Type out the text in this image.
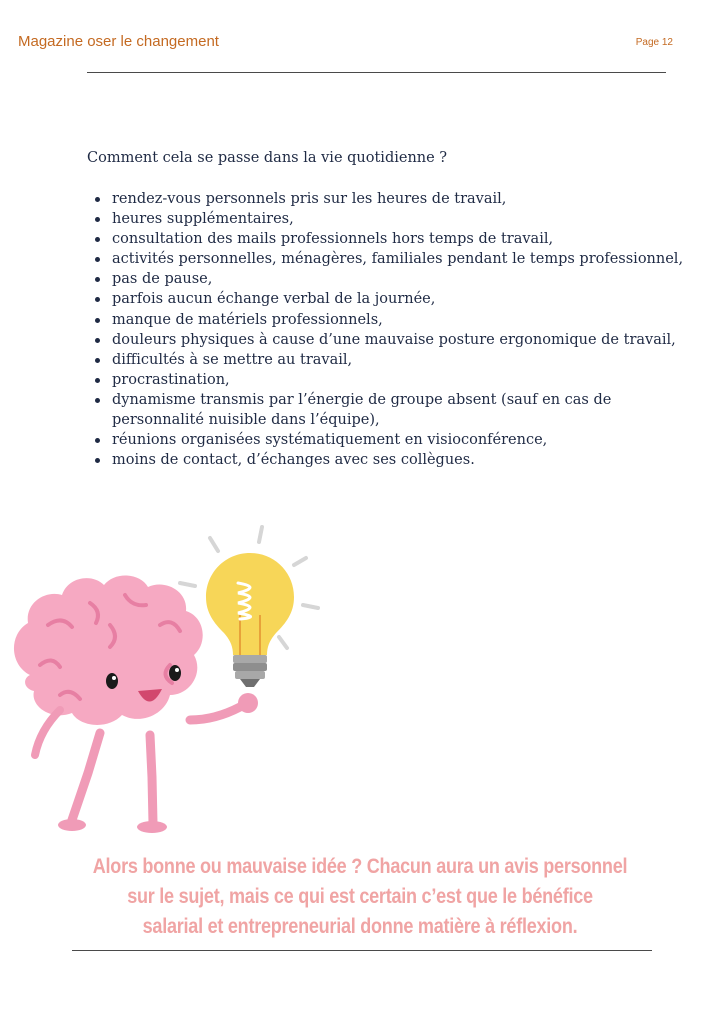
Magazine oser le changement	Page 12
Comment cela se passe dans la vie quotidienne ?
rendez-vous personnels pris sur les heures de travail,
heures supplémentaires,
consultation des mails professionnels hors temps de travail,
activités personnelles, ménagères, familiales pendant le temps professionnel,
pas de pause,
parfois aucun échange verbal de la journée,
manque de matériels professionnels,
douleurs physiques à cause d’une mauvaise posture ergonomique de travail,
difficultés à se mettre au travail,
procrastination,
dynamisme transmis par l’énergie de groupe absent (sauf en cas de
personnalité nuisible dans l’équipe),
réunions organisées systématiquement en visioconférence,
moins de contact, d’échanges avec ses collègues.
Alors bonne ou mauvaise idée ? Chacun aura un avis personnel
sur le sujet, mais ce qui est certain c’est que le bénéfice
salarial et entrepreneurial donne matière à réflexion.
